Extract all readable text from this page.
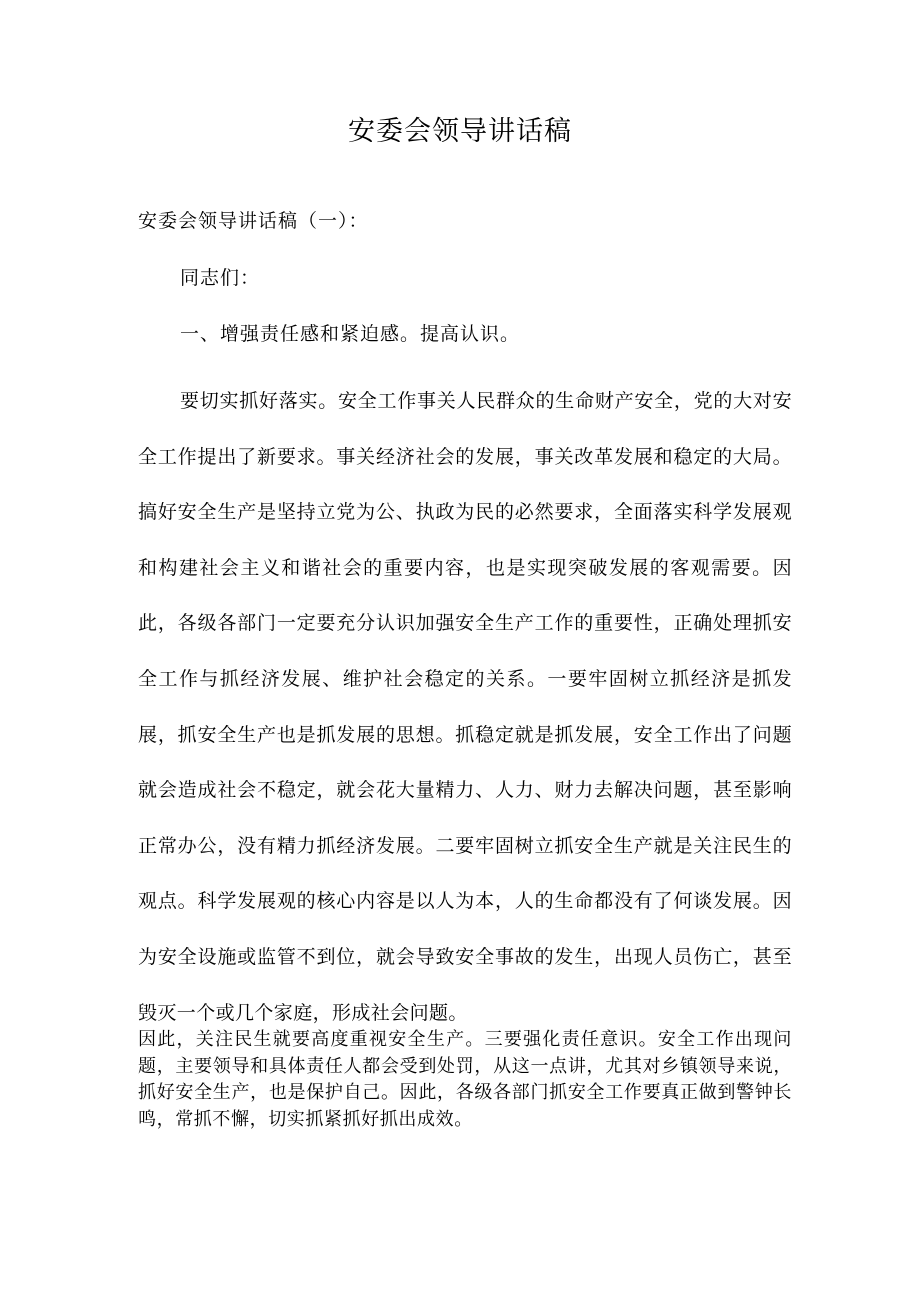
安委会领导讲话稿

安委会领导讲话稿（一）：

同志们：

一、增强责任感和紧迫感。提高认识。

要切实抓好落实。安全工作事关人民群众的生命财产安全，党的大对安全工作提出了新要求。事关经济社会的发展，事关改革发展和稳定的大局。搞好安全生产是坚持立党为公、执政为民的必然要求，全面落实科学发展观和构建社会主义和谐社会的重要内容，也是实现突破发展的客观需要。因此，各级各部门一定要充分认识加强安全生产工作的重要性，正确处理抓安全工作与抓经济发展、维护社会稳定的关系。一要牢固树立抓经济是抓发展，抓安全生产也是抓发展的思想。抓稳定就是抓发展，安全工作出了问题就会造成社会不稳定，就会花大量精力、人力、财力去解决问题，甚至影响正常办公，没有精力抓经济发展。二要牢固树立抓安全生产就是关注民生的观点。科学发展观的核心内容是以人为本，人的生命都没有了何谈发展。因为安全设施或监管不到位，就会导致安全事故的发生，出现人员伤亡，甚至毁灭一个或几个家庭，形成社会问题。

因此，关注民生就要高度重视安全生产。三要强化责任意识。安全工作出现问题，主要领导和具体责任人都会受到处罚，从这一点讲，尤其对乡镇领导来说，抓好安全生产，也是保护自己。因此，各级各部门抓安全工作要真正做到警钟长鸣，常抓不懈，切实抓紧抓好抓出成效。
